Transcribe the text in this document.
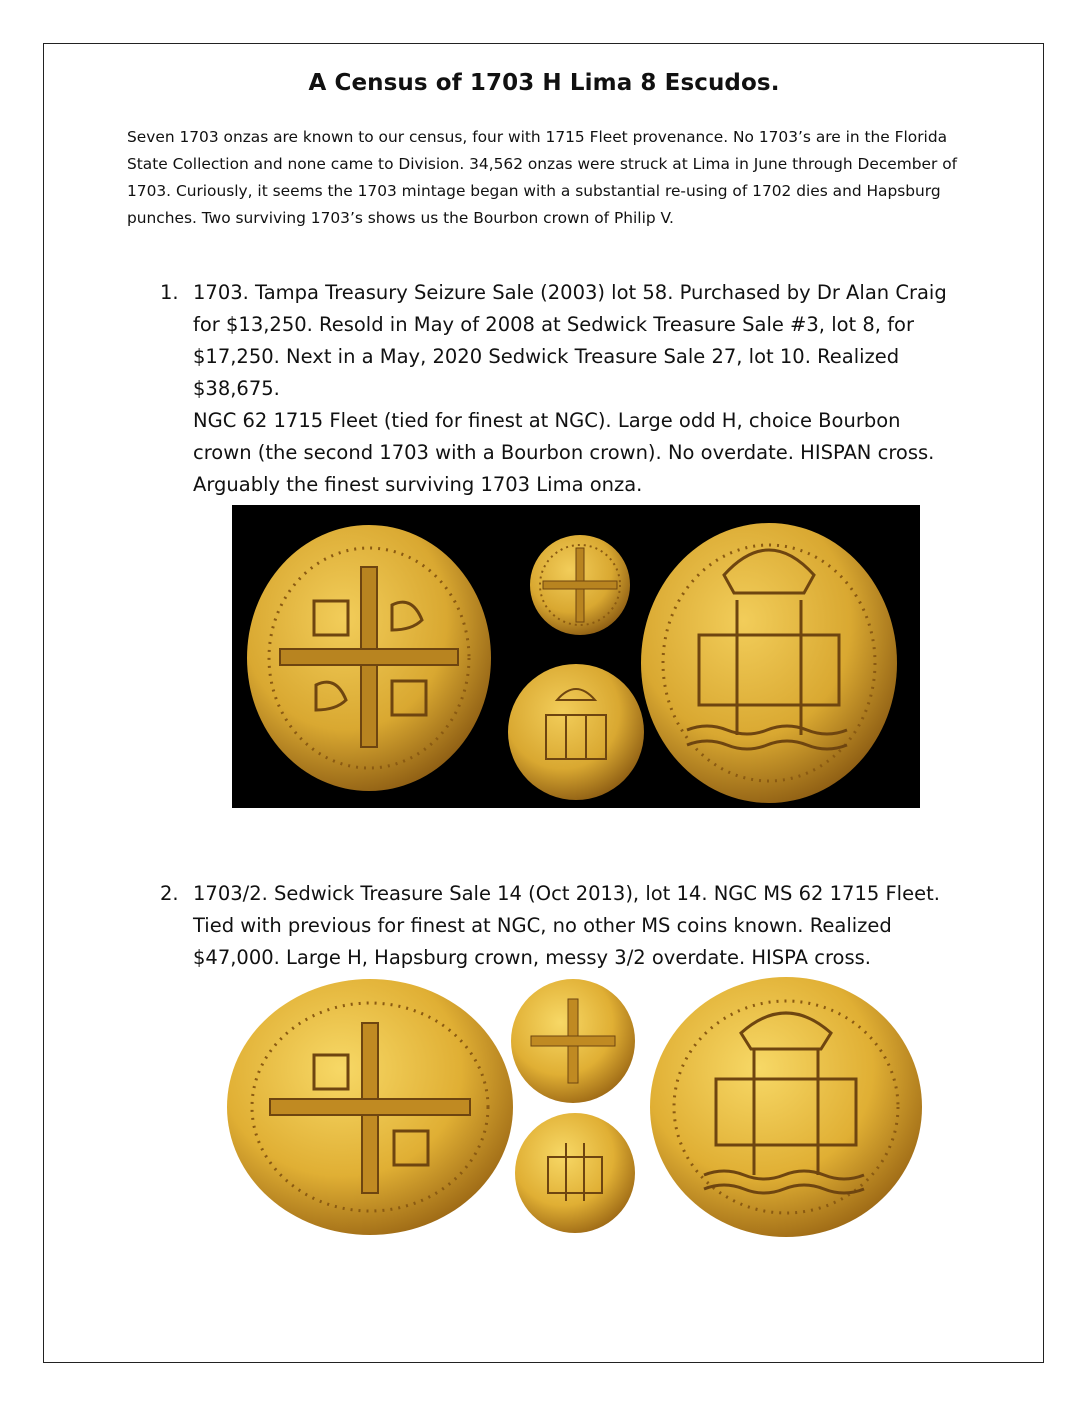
A Census of 1703 H Lima 8 Escudos.
Seven 1703 onzas are known to our census, four with 1715 Fleet provenance. No 1703’s are in the Florida State Collection and none came to Division. 34,562 onzas were struck at Lima in June through December of 1703. Curiously, it seems the 1703 mintage began with a substantial re-using of 1702 dies and Hapsburg punches. Two surviving 1703’s shows us the Bourbon crown of Philip V.
1. 1703. Tampa Treasury Seizure Sale (2003) lot 58. Purchased by Dr Alan Craig for $13,250. Resold in May of 2008 at Sedwick Treasure Sale #3, lot 8, for $17,250. Next in a May, 2020 Sedwick Treasure Sale 27, lot 10. Realized $38,675.

NGC 62 1715 Fleet (tied for finest at NGC). Large odd H, choice Bourbon crown (the second 1703 with a Bourbon crown). No overdate. HISPAN cross. Arguably the finest surviving 1703 Lima onza.

2. 1703/2. Sedwick Treasure Sale 14 (Oct 2013), lot 14. NGC MS 62 1715 Fleet. Tied with previous for finest at NGC, no other MS coins known. Realized $47,000. Large H, Hapsburg crown, messy 3/2 overdate. HISPA cross.
